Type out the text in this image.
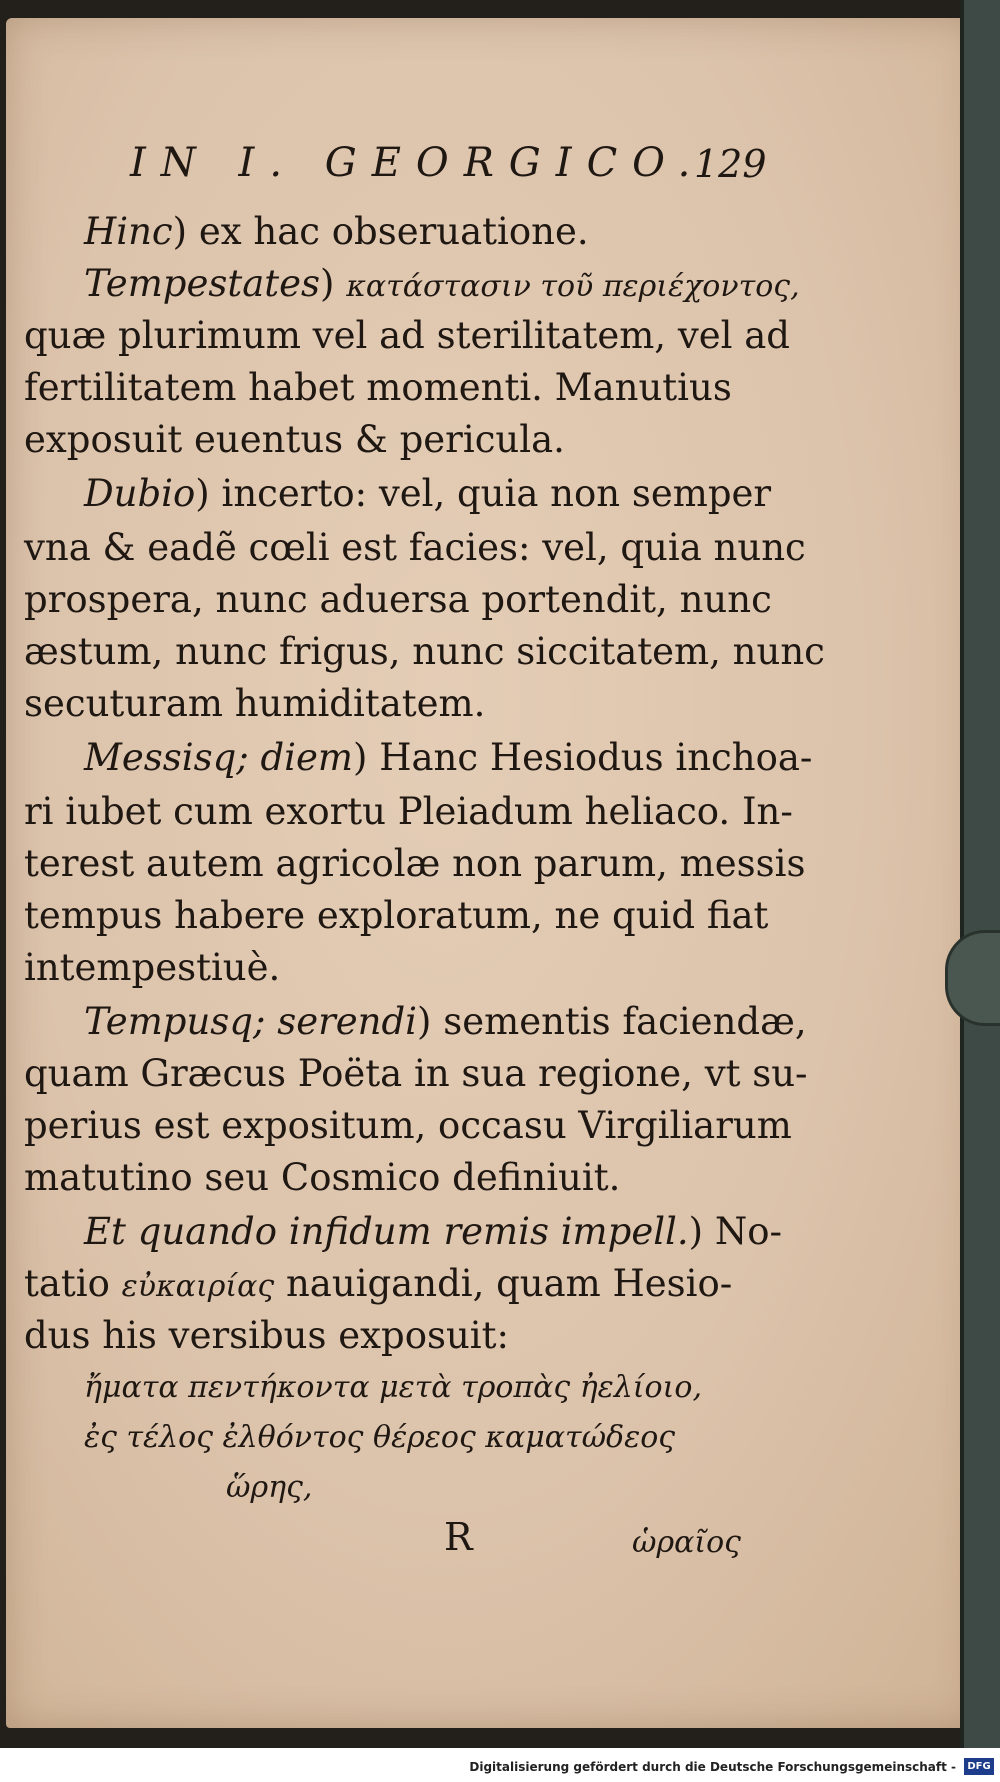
IN I. GEORGICO.
129
Hinc) ex hac obseruatione.
Tempestates) κατάστασιν τοῦ περιέχοντος,
quæ plurimum vel ad sterilitatem, vel ad
fertilitatem habet momenti. Manutius
exposuit euentus & pericula.
Dubio) incerto: vel, quia non semper
vna & eadẽ cœli est facies: vel, quia nunc
prospera, nunc aduersa portendit, nunc
æstum, nunc frigus, nunc siccitatem, nunc
secuturam humiditatem.
Messisq; diem) Hanc Hesiodus inchoa-
ri iubet cum exortu Pleiadum heliaco. In-
terest autem agricolæ non parum, messis
tempus habere exploratum, ne quid fiat
intempestiuè.
Tempusq; serendi) sementis faciendæ,
quam Græcus Poëta in sua regione, vt su-
perius est expositum, occasu Virgiliarum
matutino seu Cosmico definiuit.
Et quando infidum remis impell.) No-
tatio εὐκαιρίας nauigandi, quam Hesio-
dus his versibus exposuit:
ἤματα πεντήκοντα μετὰ τροπὰς ἠελίοιο,
ἐς τέλος ἐλθόντος θέρεος καματώδεος
ὥρης,
R	ὡραῖος
Digitalisierung gefördert durch die Deutsche Forschungsgemeinschaft -	DFG
